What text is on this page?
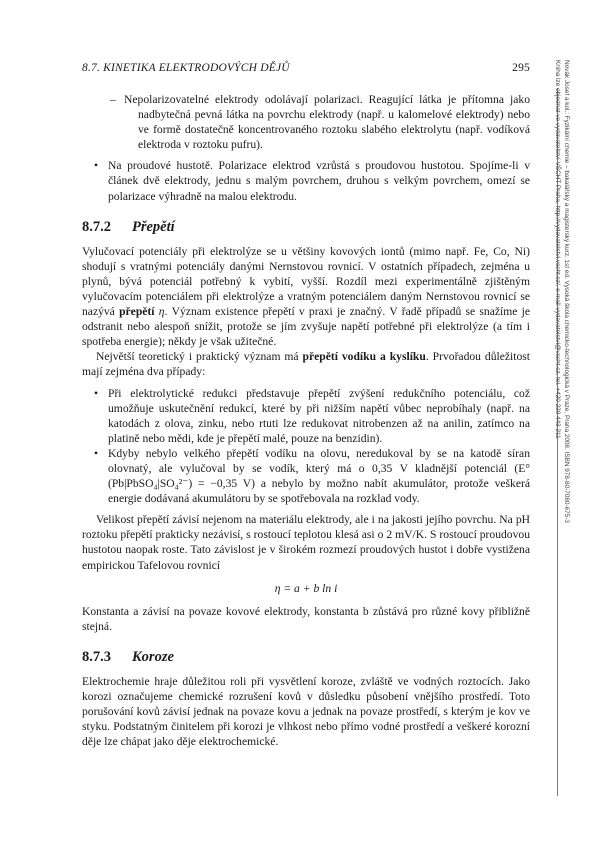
8.7. KINETIKA ELEKTRODOVÝCH DĚJŮ	295	Novák Josef a kol.: Fyzikální chemie – bakalářský a magisterský kurz. 1st ed. Vysoká škola chemicko-technologická v Praze, Praha 2008. ISBN 978-80-7080-675-3
Kniha lze objednat ve vydavatelství VŠCHT Praha, http://vydavatelstvi.vscht.cz/, e-mail vydavatelstvi@vscht.cz, tel. +420 220 443 211

– Nepolarizovatelné elektrody odolávají polarizaci. Reagující látka je přítomna jako nadbytečná pevná látka na povrchu elektrody (např. u kalomelové elektrody) nebo ve formě dostatečně koncentrovaného roztoku slabého elektrolytu (např. vodíková elektroda v roztoku pufru).

• Na proudové hustotě. Polarizace elektrod vzrůstá s proudovou hustotou. Spojíme-li v článek dvě elektrody, jednu s malým povrchem, druhou s velkým povrchem, omezí se polarizace výhradně na malou elektrodu.

8.7.2 Přepětí

Vylučovací potenciály při elektrolýze se u většiny kovových iontů (mimo např. Fe, Co, Ni) shodují s vratnými potenciály danými Nernstovou rovnicí. V ostatních případech, zejména u plynů, bývá potenciál potřebný k vybití, vyšší. Rozdíl mezi experimentálně zjištěným vylučovacím potenciálem při elektrolýze a vratným potenciálem daným Nernstovou rovnicí se nazývá přepětí η. Význam existence přepětí v praxi je značný. V řadě případů se snažíme je odstranit nebo alespoň snížit, protože se jím zvyšuje napětí potřebné při elektrolýze (a tím i spotřeba energie); někdy je však užitečné.

Největší teoretický i praktický význam má přepětí vodíku a kyslíku. Prvořadou důležitost mají zejména dva případy:

• Při elektrolytické redukci představuje přepětí zvýšení redukčního potenciálu, což umožňuje uskutečnění redukcí, které by při nižším napětí vůbec neprobíhaly (např. na katodách z olova, zinku, nebo rtuti lze redukovat nitrobenzen až na anilin, zatímco na platině nebo mědi, kde je přepětí malé, pouze na benzidin).

• Kdyby nebylo velkého přepětí vodíku na olovu, neredukoval by se na katodě síran olovnatý, ale vylučoval by se vodík, který má o 0,35 V kladnější potenciál (E°(Pb|PbSO₄|SO₄²⁻) = −0,35 V) a nebylo by možno nabít akumulátor, protože veškerá energie dodávaná akumulátoru by se spotřebovala na rozklad vody.

Velikost přepětí závisí nejenom na materiálu elektrody, ale i na jakosti jejího povrchu. Na pH roztoku přepětí prakticky nezávisí, s rostoucí teplotou klesá asi o 2 mV/K. S rostoucí proudovou hustotou naopak roste. Tato závislost je v širokém rozmezí proudových hustot i dobře vystižena empirickou Tafelovou rovnicí

η = a + b ln i

Konstanta a závisí na povaze kovové elektrody, konstanta b zůstává pro různé kovy přibližně stejná.

8.7.3 Koroze

Elektrochemie hraje důležitou roli při vysvětlení koroze, zvláště ve vodných roztocích. Jako korozi označujeme chemické rozrušení kovů v důsledku působení vnějšího prostředí. Toto porušování kovů závisí jednak na povaze kovu a jednak na povaze prostředí, s kterým je kov ve styku. Podstatným činitelem při korozi je vlhkost nebo přímo vodné prostředí a veškeré korozní děje lze chápat jako děje elektrochemické.
